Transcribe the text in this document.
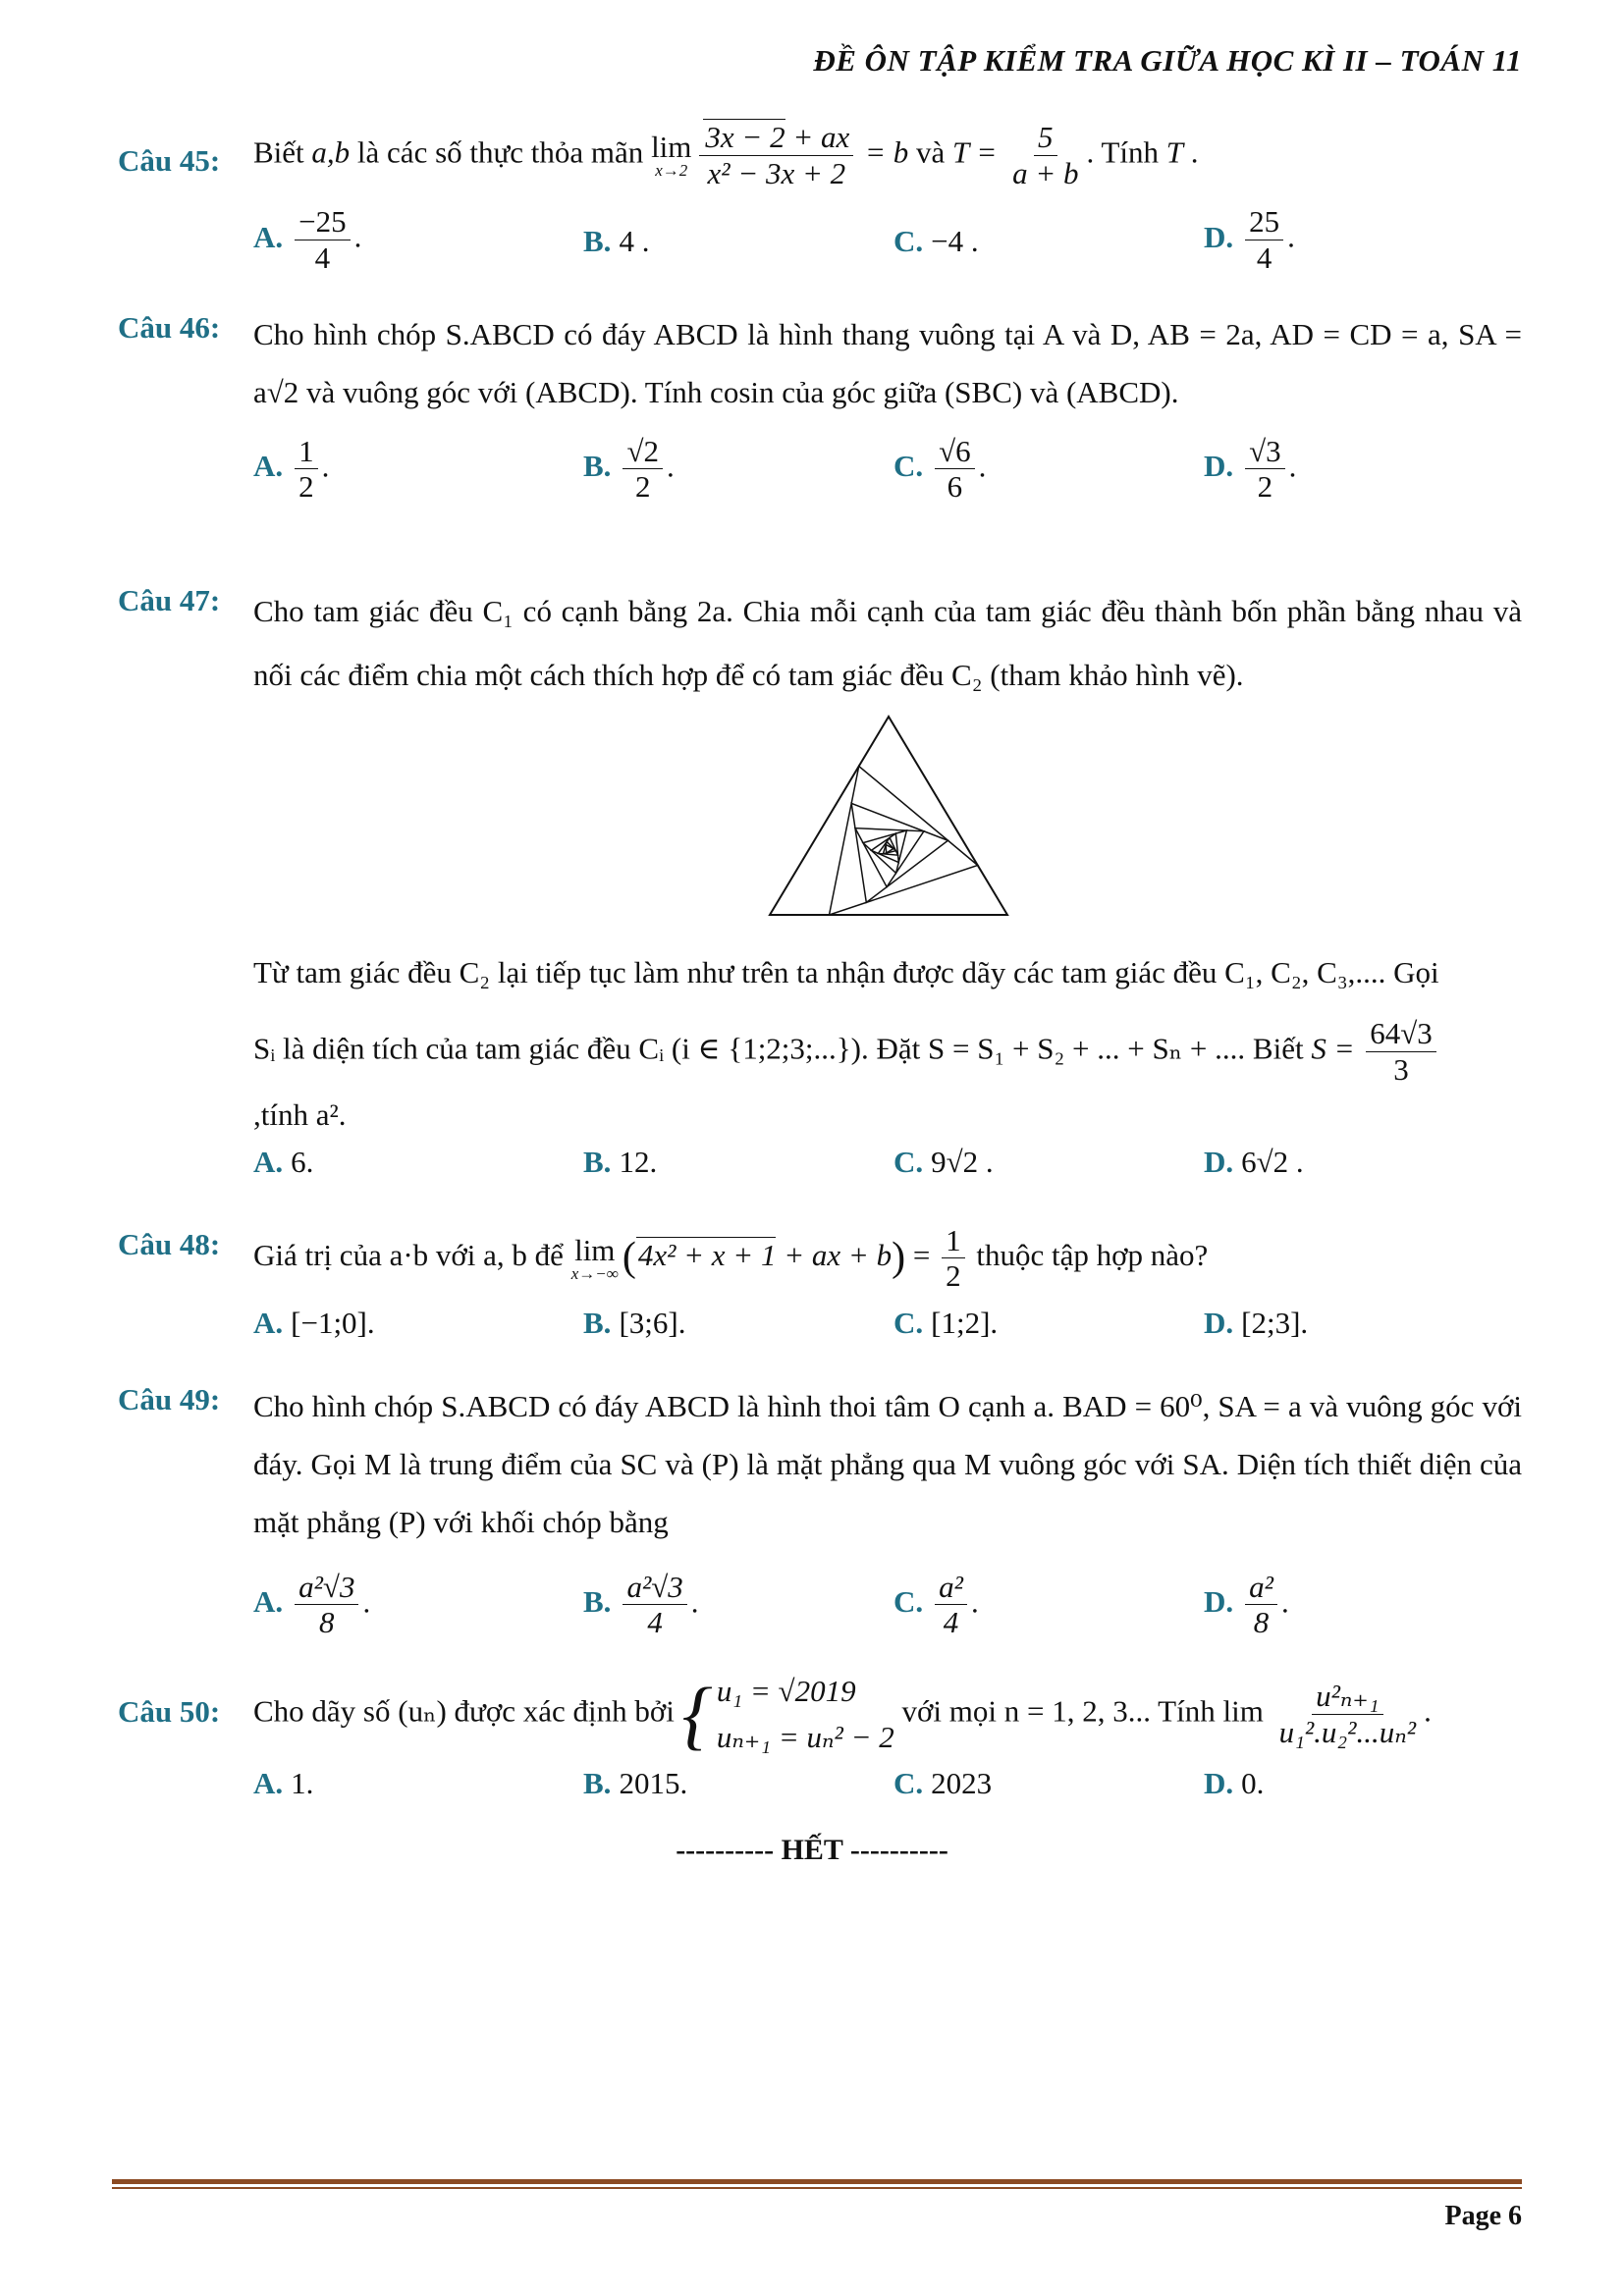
ĐỀ ÔN TẬP KIỂM TRA GIỮA HỌC KÌ II – TOÁN 11
Câu 45: Biết a,b là các số thực thỏa mãn lim
$x\to 2 \frac{3x - 2 + ax}{\text{x² − 3x + 2}} = b$ và $T = \frac{5}{a + b}$ . Tính T .
A. $\frac{-25}{4}$ .	B. 4 .	C. −4 .	D. $\frac{25}{4}$ .
Câu 46: Cho hình chóp S.ABCD có đáy ABCD là hình thang vuông tại A và D, AB = 2a, AD = CD = a, SA = a√2 và vuông góc với (ABCD). Tính cosin của góc giữa (SBC) và (ABCD).
A. $\frac{1}{2}$ .	B. $\frac{√2}{2}$ .	C. $\frac{√6}{6}$ .	D. $\frac{√3}{2}$ .
Câu 47: Cho tam giác đều C₁ có cạnh bằng 2a. Chia mỗi cạnh của tam giác đều thành bốn phần bằng nhau và nối các điểm chia một cách thích hợp để có tam giác đều C₂ (tham khảo hình vẽ).
Từ tam giác đều C₂ lại tiếp tục làm như trên ta nhận được dãy các tam giác đều C₁, C₂, C₃,.... Gọi
Sᵢ là diện tích của tam giác đều Cᵢ (i ∈ {1;2;3;...}). Đặt S = S₁ + S₂ + ... + Sₙ + .... Biết $S = \frac{64√3}{3}$
,tính a².
A. 6.	B. 12.	C. 9√2 .	D. 6√2 .
Câu 48: Giá trị của a·b với a, b để lim
x→−∞ (4x² + x + 1 + ax + $b) = \frac{1}{2}$ thuộc tập hợp nào?
A. [−1;0].	B. [3;6].	C. [1;2].	D. [2;3].
Câu 49: Cho hình chóp S.ABCD có đáy ABCD là hình thoi tâm O cạnh a. BAD = 60⁰, SA = a và vuông góc với đáy. Gọi M là trung điểm của SC và (P) là mặt phẳng qua M vuông góc với SA. Diện tích thiết diện của mặt phẳng (P) với khối chóp bằng
A. $\frac{\text{a²√3}}{8}$ .	B. $\frac{\text{a²√3}}{4}$ .	C. $\frac{\text{a²}}{4}$ .	D. $\frac{\text{a²}}{8}$ .
Câu 50: Cho dãy số (uₙ) được xác định bởi { u₁ = √2019
uₙ₊₁ = uₙ² − 2
với mọi n = 1, 2, 3... Tính $\lim \frac{\text{u²ₙ₊₁}}{\text{u₁².u₂²...uₙ²}}$ .
A. 1.	B. 2015.	C. 2023	D. 0.
---------- HẾT ----------
Page 6
